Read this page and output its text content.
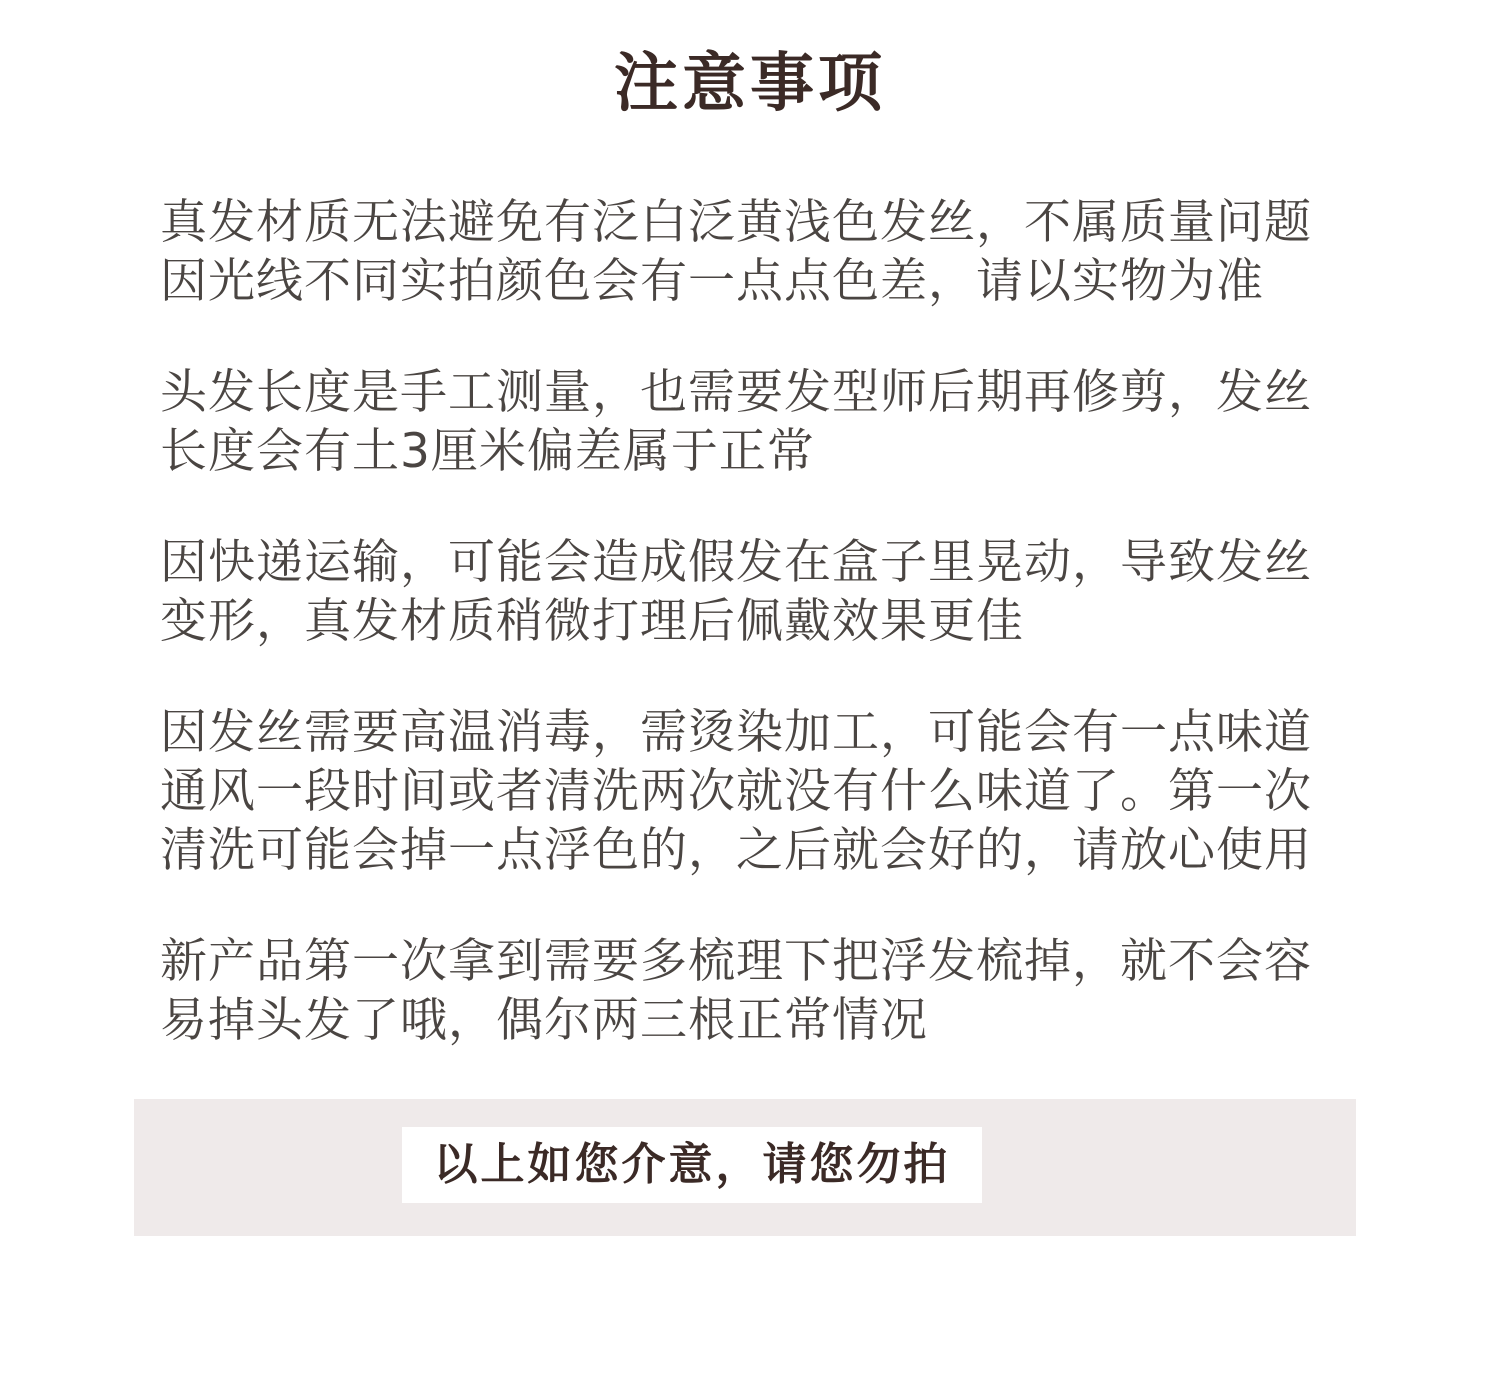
注意事项

真发材质无法避免有泛白泛黄浅色发丝，不属质量问题
因光线不同实拍颜色会有一点点色差，请以实物为准

头发长度是手工测量，也需要发型师后期再修剪，发丝
长度会有土3厘米偏差属于正常

因快递运输，可能会造成假发在盒子里晃动，导致发丝
变形，真发材质稍微打理后佩戴效果更佳

因发丝需要高温消毒，需烫染加工，可能会有一点味道
通风一段时间或者清洗两次就没有什么味道了。第一次
清洗可能会掉一点浮色的，之后就会好的，请放心使用

新产品第一次拿到需要多梳理下把浮发梳掉，就不会容
易掉头发了哦，偶尔两三根正常情况

以上如您介意，请您勿拍
